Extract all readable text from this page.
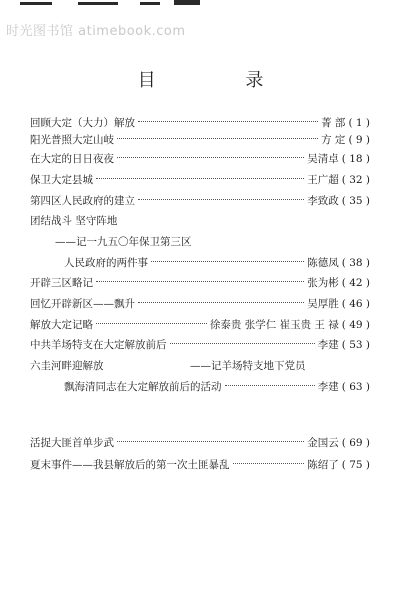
时光图书馆 atimebook.com
目 录
回顾大定（大力）解放	菁 部 ( 1 )
阳光普照大定山岐	方 定 ( 9 )
在大定的日日夜夜	吴清卓 ( 18 )
保卫大定县城	王广超 ( 32 )
第四区人民政府的建立	李致政 ( 35 )
团结战斗 坚守阵地
——记一九五〇年保卫第三区
人民政府的两件事	陈德凤 ( 38 )
开辟三区略记	张为彬 ( 42 )
回忆开辟新区——飘升	吴厚胜 ( 46 )
解放大定记略	徐泰贵 张学仁 崔玉贵 王 禄 ( 49 )
中共羊场特支在大定解放前后	李建 ( 53 )
六圭河畔迎解放	——记羊场特支地下党员
飘海清同志在大定解放前后的活动	李建 ( 63 )
活捉大匪首单步武	金国云 ( 69 )
夏末事件——我县解放后的第一次土匪暴乱	陈绍了 ( 75 )
